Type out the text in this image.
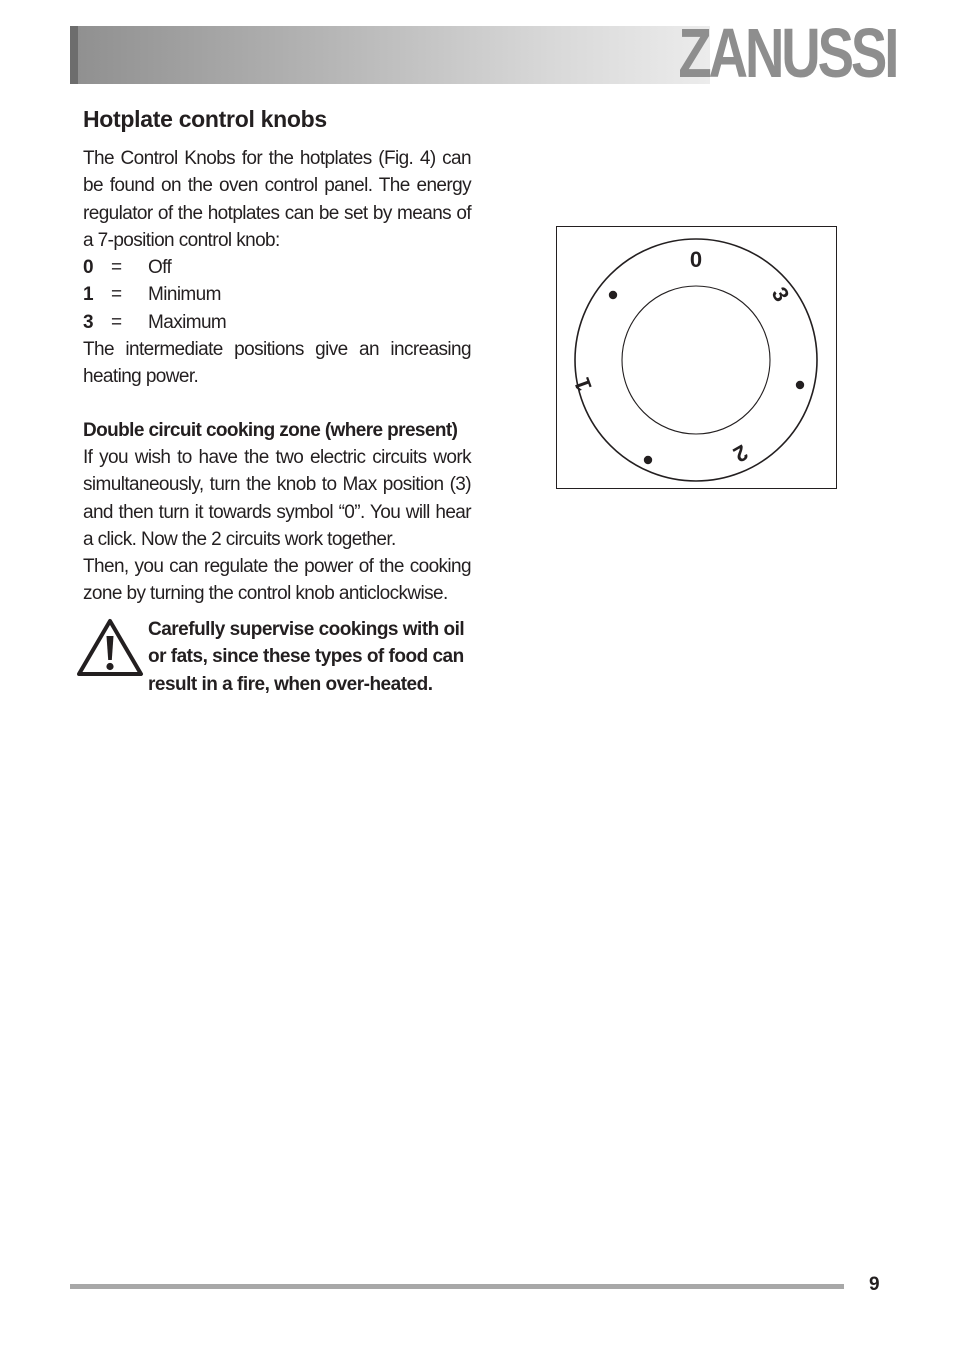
ZANUSSI
Hotplate control knobs

The Control Knobs for the hotplates (Fig. 4) can be found on the oven control panel. The energy regulator of the hotplates can be set by means of a 7-position control knob:

0 =	Off
1 =	Minimum
3 =	Maximum

The intermediate positions give an increasing heating power.

Double circuit cooking zone (where present)

If you wish to have the two electric circuits work simultaneously, turn the knob to Max position (3) and then turn it towards symbol “0”. You will hear a click. Now the 2 circuits work together.

Then, you can regulate the power of the cooking zone by turning the control knob anticlockwise.

Carefully supervise cookings with oil or fats, since these types of food can result in a fire, when over-heated.
0
3
2
1
9
